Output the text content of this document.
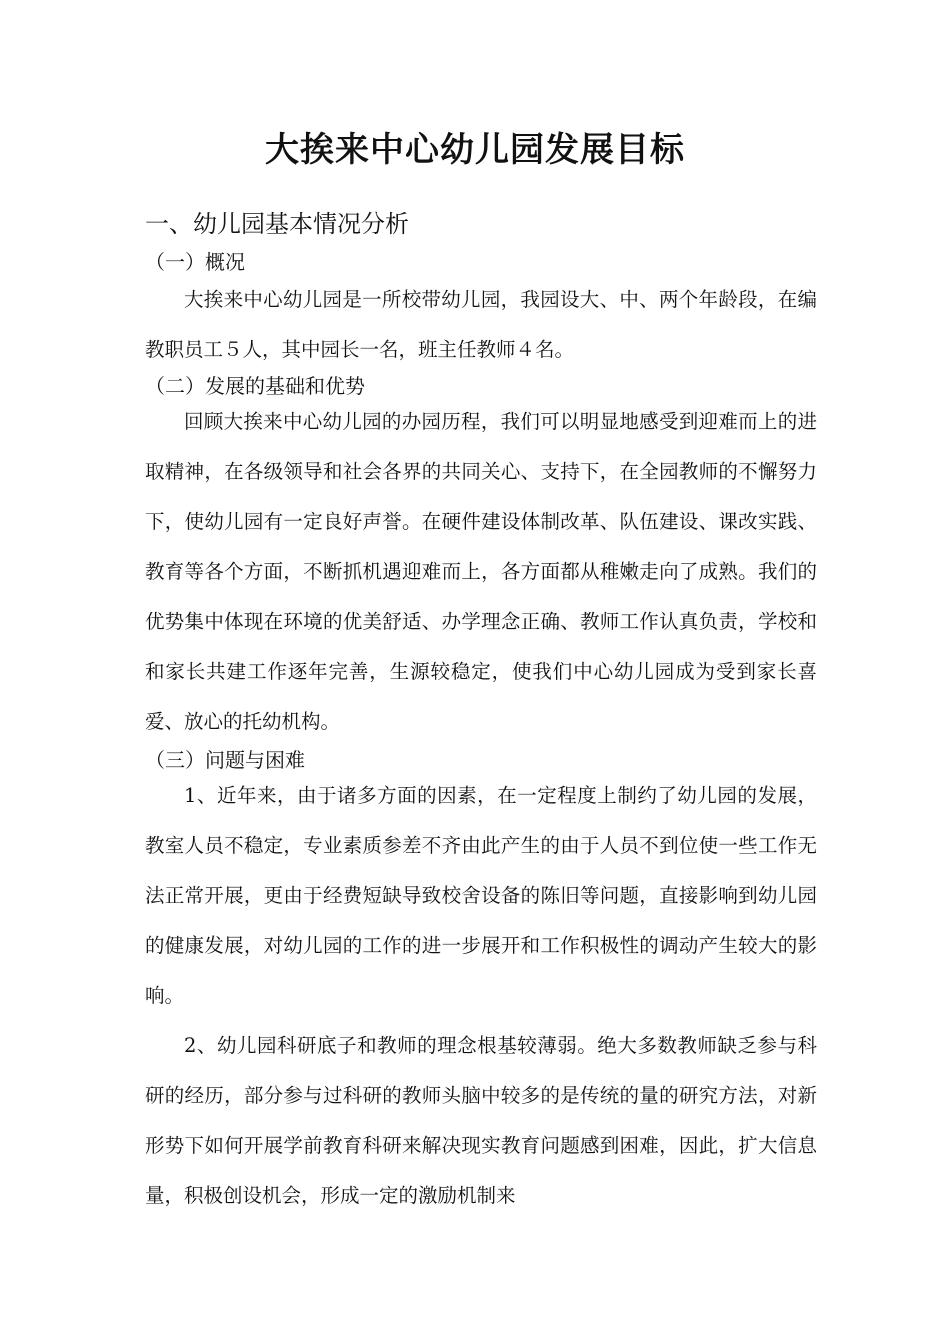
大挨来中心幼儿园发展目标
一、幼儿园基本情况分析
（一）概况

大挨来中心幼儿园是一所校带幼儿园，我园设大、中、两个年龄段，在编教职员工５人，其中园长一名，班主任教师４名。

（二）发展的基础和优势

回顾大挨来中心幼儿园的办园历程，我们可以明显地感受到迎难而上的进取精神，在各级领导和社会各界的共同关心、支持下，在全园教师的不懈努力下，使幼儿园有一定良好声誉。在硬件建设体制改革、队伍建设、课改实践、教育等各个方面，不断抓机遇迎难而上，各方面都从稚嫩走向了成熟。我们的优势集中体现在环境的优美舒适、办学理念正确、教师工作认真负责，学校和和家长共建工作逐年完善，生源较稳定，使我们中心幼儿园成为受到家长喜爱、放心的托幼机构。

（三）问题与困难

1、近年来，由于诸多方面的因素，在一定程度上制约了幼儿园的发展，教室人员不稳定，专业素质参差不齐由此产生的由于人员不到位使一些工作无法正常开展，更由于经费短缺导致校舍设备的陈旧等问题，直接影响到幼儿园的健康发展，对幼儿园的工作的进一步展开和工作积极性的调动产生较大的影响。

2、幼儿园科研底子和教师的理念根基较薄弱。绝大多数教师缺乏参与科研的经历，部分参与过科研的教师头脑中较多的是传统的量的研究方法，对新形势下如何开展学前教育科研来解决现实教育问题感到困难，因此，扩大信息量，积极创设机会，形成一定的激励机制来
